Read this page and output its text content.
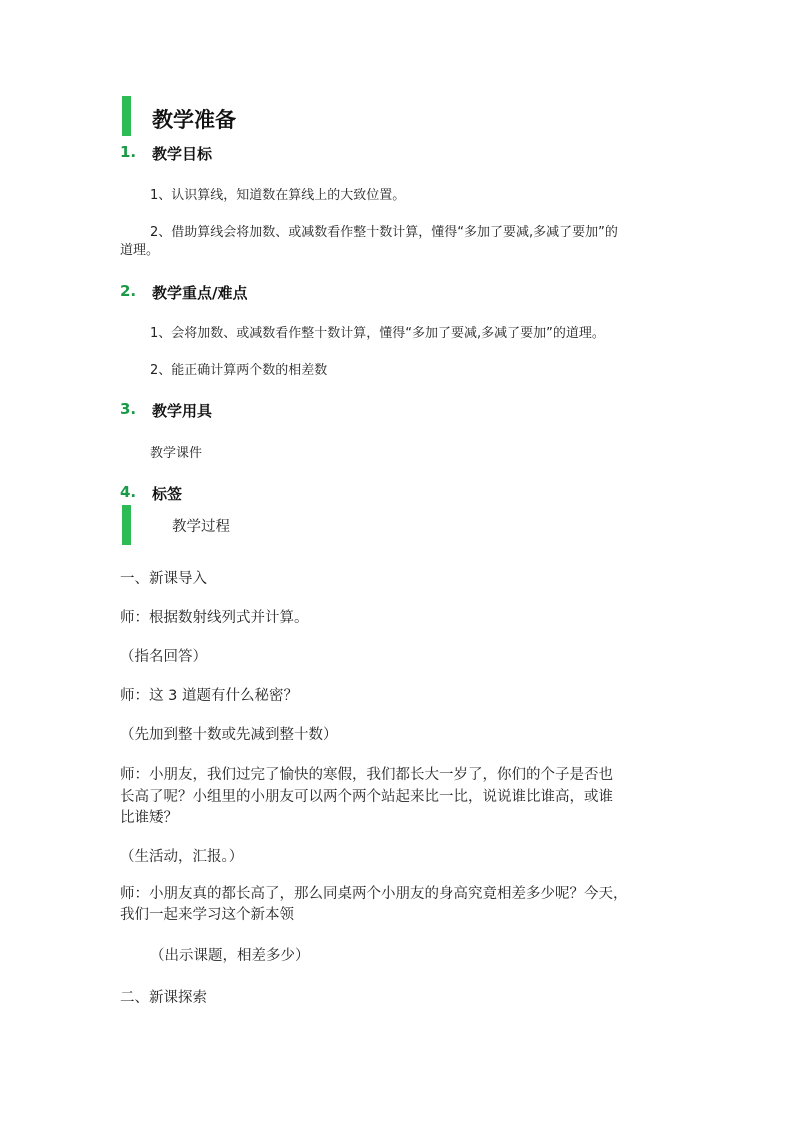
教学准备
1. 教学目标
1、认识算线，知道数在算线上的大致位置。
2、借助算线会将加数、或减数看作整十数计算，懂得“多加了要减,多减了要加”的
道理。
2. 教学重点/难点
1、会将加数、或减数看作整十数计算，懂得“多加了要减,多减了要加”的道理。
2、能正确计算两个数的相差数
3. 教学用具
教学课件
4. 标签
教学过程
一、新课导入
师：根据数射线列式并计算。
（指名回答）
师：这 3 道题有什么秘密？
（先加到整十数或先减到整十数）
师：小朋友，我们过完了愉快的寒假，我们都长大一岁了，你们的个子是否也
长高了呢？小组里的小朋友可以两个两个站起来比一比，说说谁比谁高，或谁
比谁矮？
（生活动，汇报。）
师：小朋友真的都长高了，那么同桌两个小朋友的身高究竟相差多少呢？今天，
我们一起来学习这个新本领
（出示课题，相差多少）
二、新课探索
